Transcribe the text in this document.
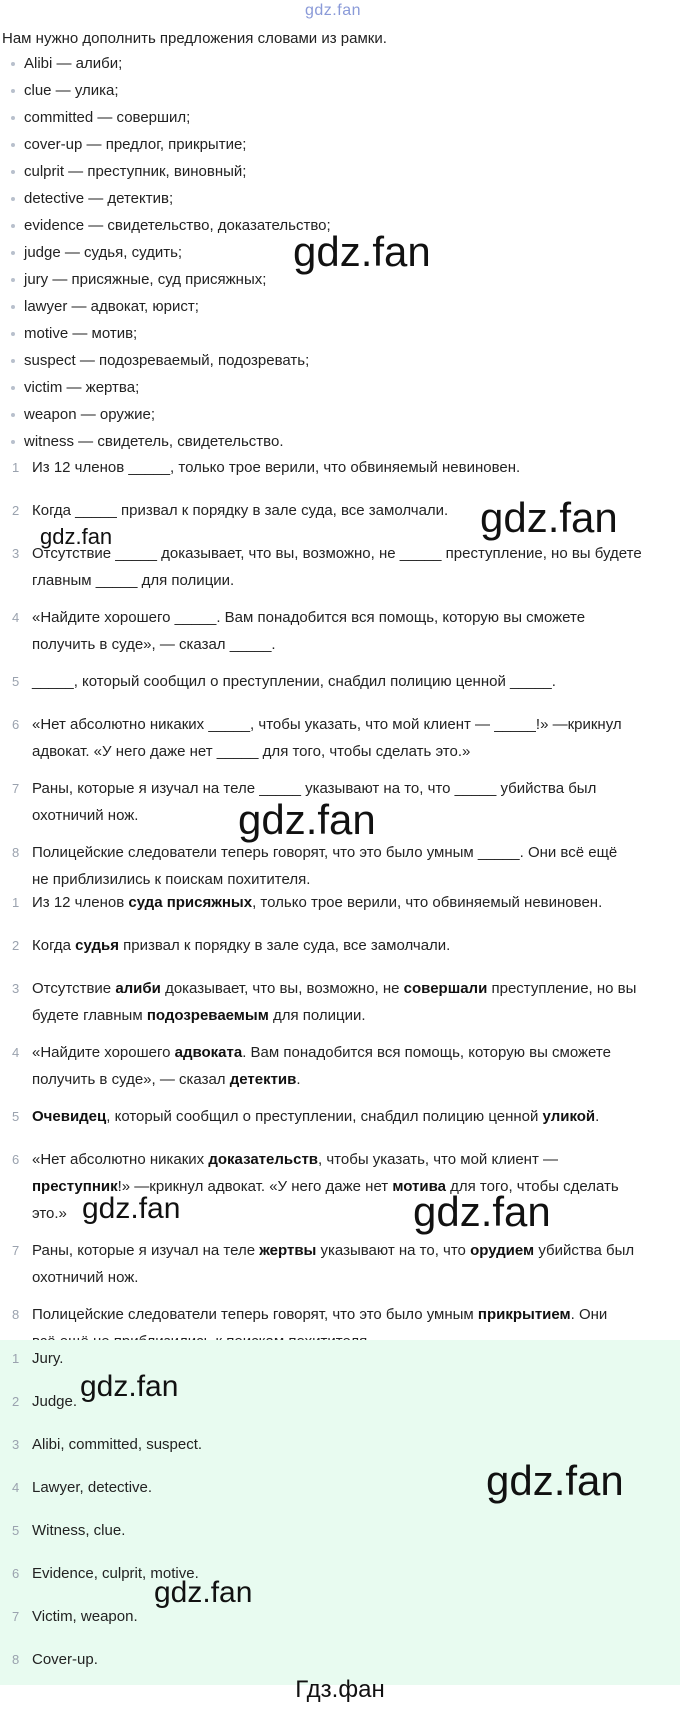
gdz.fan
Нам нужно дополнить предложения словами из рамки.
Alibi — алиби;
clue — улика;
committed — совершил;
cover-up — предлог, прикрытие;
culprit — преступник, виновный;
detective — детектив;
evidence — свидетельство, доказательство;
judge — судья, судить;
jury — присяжные, суд присяжных;
lawyer — адвокат, юрист;
motive — мотив;
suspect — подозреваемый, подозревать;
victim — жертва;
weapon — оружие;
witness — свидетель, свидетельство.
1 Из 12 членов _____, только трое верили, что обвиняемый невиновен.
2 Когда _____ призвал к порядку в зале суда, все замолчали.
3 Отсутствие _____ доказывает, что вы, возможно, не _____ преступление, но вы будете
главным _____ для полиции.
4 «Найдите хорошего _____. Вам понадобится вся помощь, которую вы сможете
получить в суде», — сказал _____.
5 _____, который сообщил о преступлении, снабдил полицию ценной _____.
6 «Нет абсолютно никаких _____, чтобы указать, что мой клиент — _____!» —крикнул
адвокат. «У него даже нет _____ для того, чтобы сделать это.»
7 Раны, которые я изучал на теле _____ указывают на то, что _____ убийства был
охотничий нож.
8 Полицейские следователи теперь говорят, что это было умным _____. Они всё ещё
не приблизились к поискам похитителя.
1 Из 12 членов суда присяжных, только трое верили, что обвиняемый невиновен.
2 Когда судья призвал к порядку в зале суда, все замолчали.
3 Отсутствие алиби доказывает, что вы, возможно, не совершали преступление, но вы
будете главным подозреваемым для полиции.
4 «Найдите хорошего адвоката. Вам понадобится вся помощь, которую вы сможете
получить в суде», — сказал детектив.
5 Очевидец, который сообщил о преступлении, снабдил полицию ценной уликой.
6 «Нет абсолютно никаких доказательств, чтобы указать, что мой клиент —
преступник!» —крикнул адвокат. «У него даже нет мотива для того, чтобы сделать
это.»
7 Раны, которые я изучал на теле жертвы указывают на то, что орудием убийства был
охотничий нож.
8 Полицейские следователи теперь говорят, что это было умным прикрытием. Они
1 Jury.
2 Judge.
3 Alibi, committed, suspect.
4 Lawyer, detective.
5 Witness, clue.
6 Evidence, culprit, motive.
7 Victim, weapon.
8 Cover-up.
gdz.fan
gdz.fan
gdz.fan
gdz.fan
gdz.fan	gdz.fan
gdz.fan
gdz.fan
gdz.fan
Гдз.фан
